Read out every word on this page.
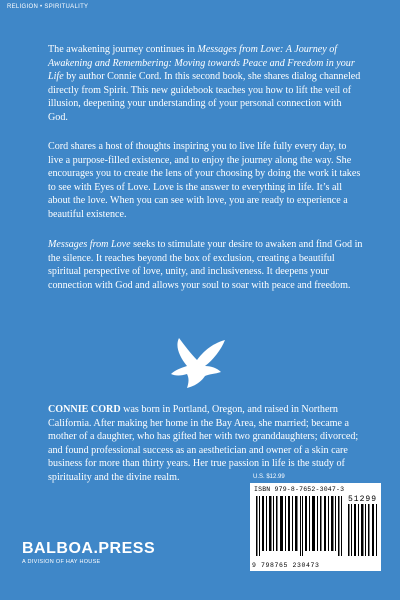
RELIGION • SPIRITUALITY

The awakening journey continues in Messages from Love: A Journey of Awakening and Remembering: Moving towards Peace and Freedom in your Life by author Connie Cord. In this second book, she shares dialog channeled directly from Spirit. This new guidebook teaches you how to lift the veil of illusion, deepening your understanding of your personal connection with God.

Cord shares a host of thoughts inspiring you to live life fully every day, to live a purpose-filled existence, and to enjoy the journey along the way. She encourages you to create the lens of your choosing by doing the work it takes to see with Eyes of Love. Love is the answer to everything in life. It’s all about the love. When you can see with love, you are ready to experience a beautiful existence.

Messages from Love seeks to stimulate your desire to awaken and find God in the silence. It reaches beyond the box of exclusion, creating a beautiful spiritual perspective of love, unity, and inclusiveness. It deepens your connection with God and allows your soul to soar with peace and freedom.

CONNIE CORD was born in Portland, Oregon, and raised in Northern California. After making her home in the Bay Area, she married; became a mother of a daughter, who has gifted her with two granddaughters; divorced; and found professional success as an aesthetician and owner of a skin care business for more than thirty years. Her true passion in life is the study of spirituality and the divine realm.	U.S. $12.99
ISBN 979-8-7652-3047-3
51299
9 798765 230473
BALBOA.PRESS
A DIVISION OF HAY HOUSE
